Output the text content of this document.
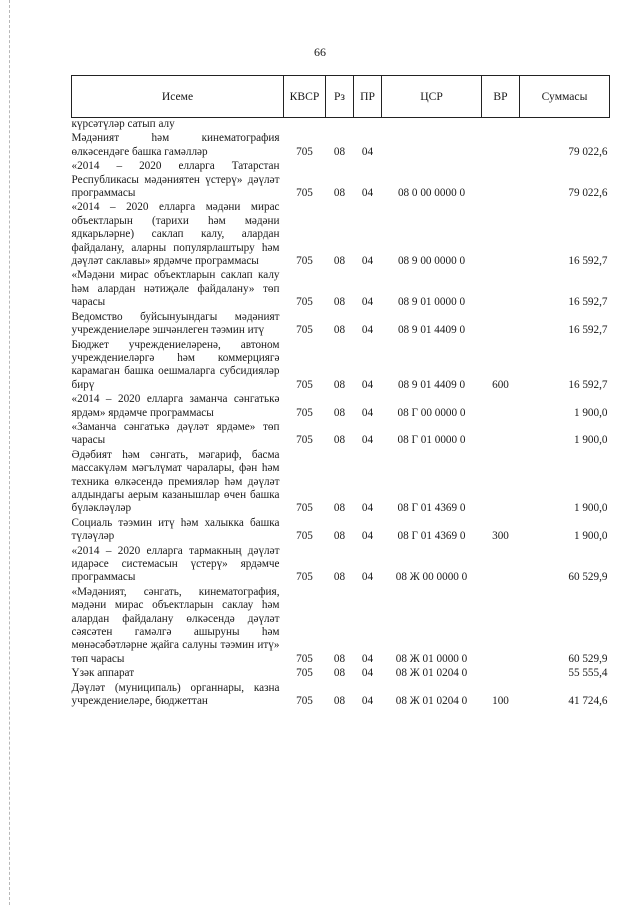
66
Исеме	КВСР	Рз	ПР	ЦСР	ВР	Суммасы
күрсәтүләр сатып алу						
Мәдәният һәм кинематография өлкәсендәге башка гамәлләр	705	08	04			79 022,6
«2014 – 2020 елларга Татарстан Республикасы мәдәниятен үстерү» дәүләт программасы	705	08	04	08 0 00 0000 0		79 022,6
«2014 – 2020 елларга мәдәни мирас объектларын (тарихи һәм мәдәни ядкарьләрне) саклап калу, алардан файдалану, аларны популярлаштыру һәм дәүләт саклавы» ярдәмче программасы	705	08	04	08 9 00 0000 0		16 592,7
«Мәдәни мирас объектларын саклап калу һәм алардан нәтиҗәле файдалану» төп чарасы	705	08	04	08 9 01 0000 0		16 592,7
Ведомство буйсынуындагы мәдәният учреждениеләре эшчәнлеген тәэмин итү	705	08	04	08 9 01 4409 0		16 592,7
Бюджет учреждениеләренә, автоном учреждениеләргә һәм коммерциягә карамаган башка оешмаларга субсидияләр бирү	705	08	04	08 9 01 4409 0	600	16 592,7
«2014 – 2020 елларга заманча сәнгатькә ярдәм» ярдәмче программасы	705	08	04	08 Г 00 0000 0		1 900,0
«Заманча сәнгатькә дәүләт ярдәме» төп чарасы	705	08	04	08 Г 01 0000 0		1 900,0
Әдәбият һәм сәнгать, мәгариф, басма массакүләм мәгълүмат чаралары, фән һәм техника өлкәсендә премияләр һәм дәүләт алдындагы аерым казанышлар өчен башка бүләкләүләр	705	08	04	08 Г 01 4369 0		1 900,0
Социаль тәэмин итү һәм халыкка башка түләүләр	705	08	04	08 Г 01 4369 0	300	1 900,0
«2014 – 2020 елларга тармакның дәүләт идарәсе системасын үстерү» ярдәмче программасы	705	08	04	08 Ж 00 0000 0		60 529,9
«Мәдәният, сәнгать, кинематография, мәдәни мирас объектларын саклау һәм алардан файдалану өлкәсендә дәүләт сәясәтен гамәлгә ашыруны һәм мөнәсәбәтләрне җайга салуны тәэмин итү» төп чарасы	705	08	04	08 Ж 01 0000 0		60 529,9
Үзәк аппарат	705	08	04	08 Ж 01 0204 0		55 555,4
Дәүләт (муниципаль) органнары, казна учреждениеләре, бюджеттан	705	08	04	08 Ж 01 0204 0	100	41 724,6
